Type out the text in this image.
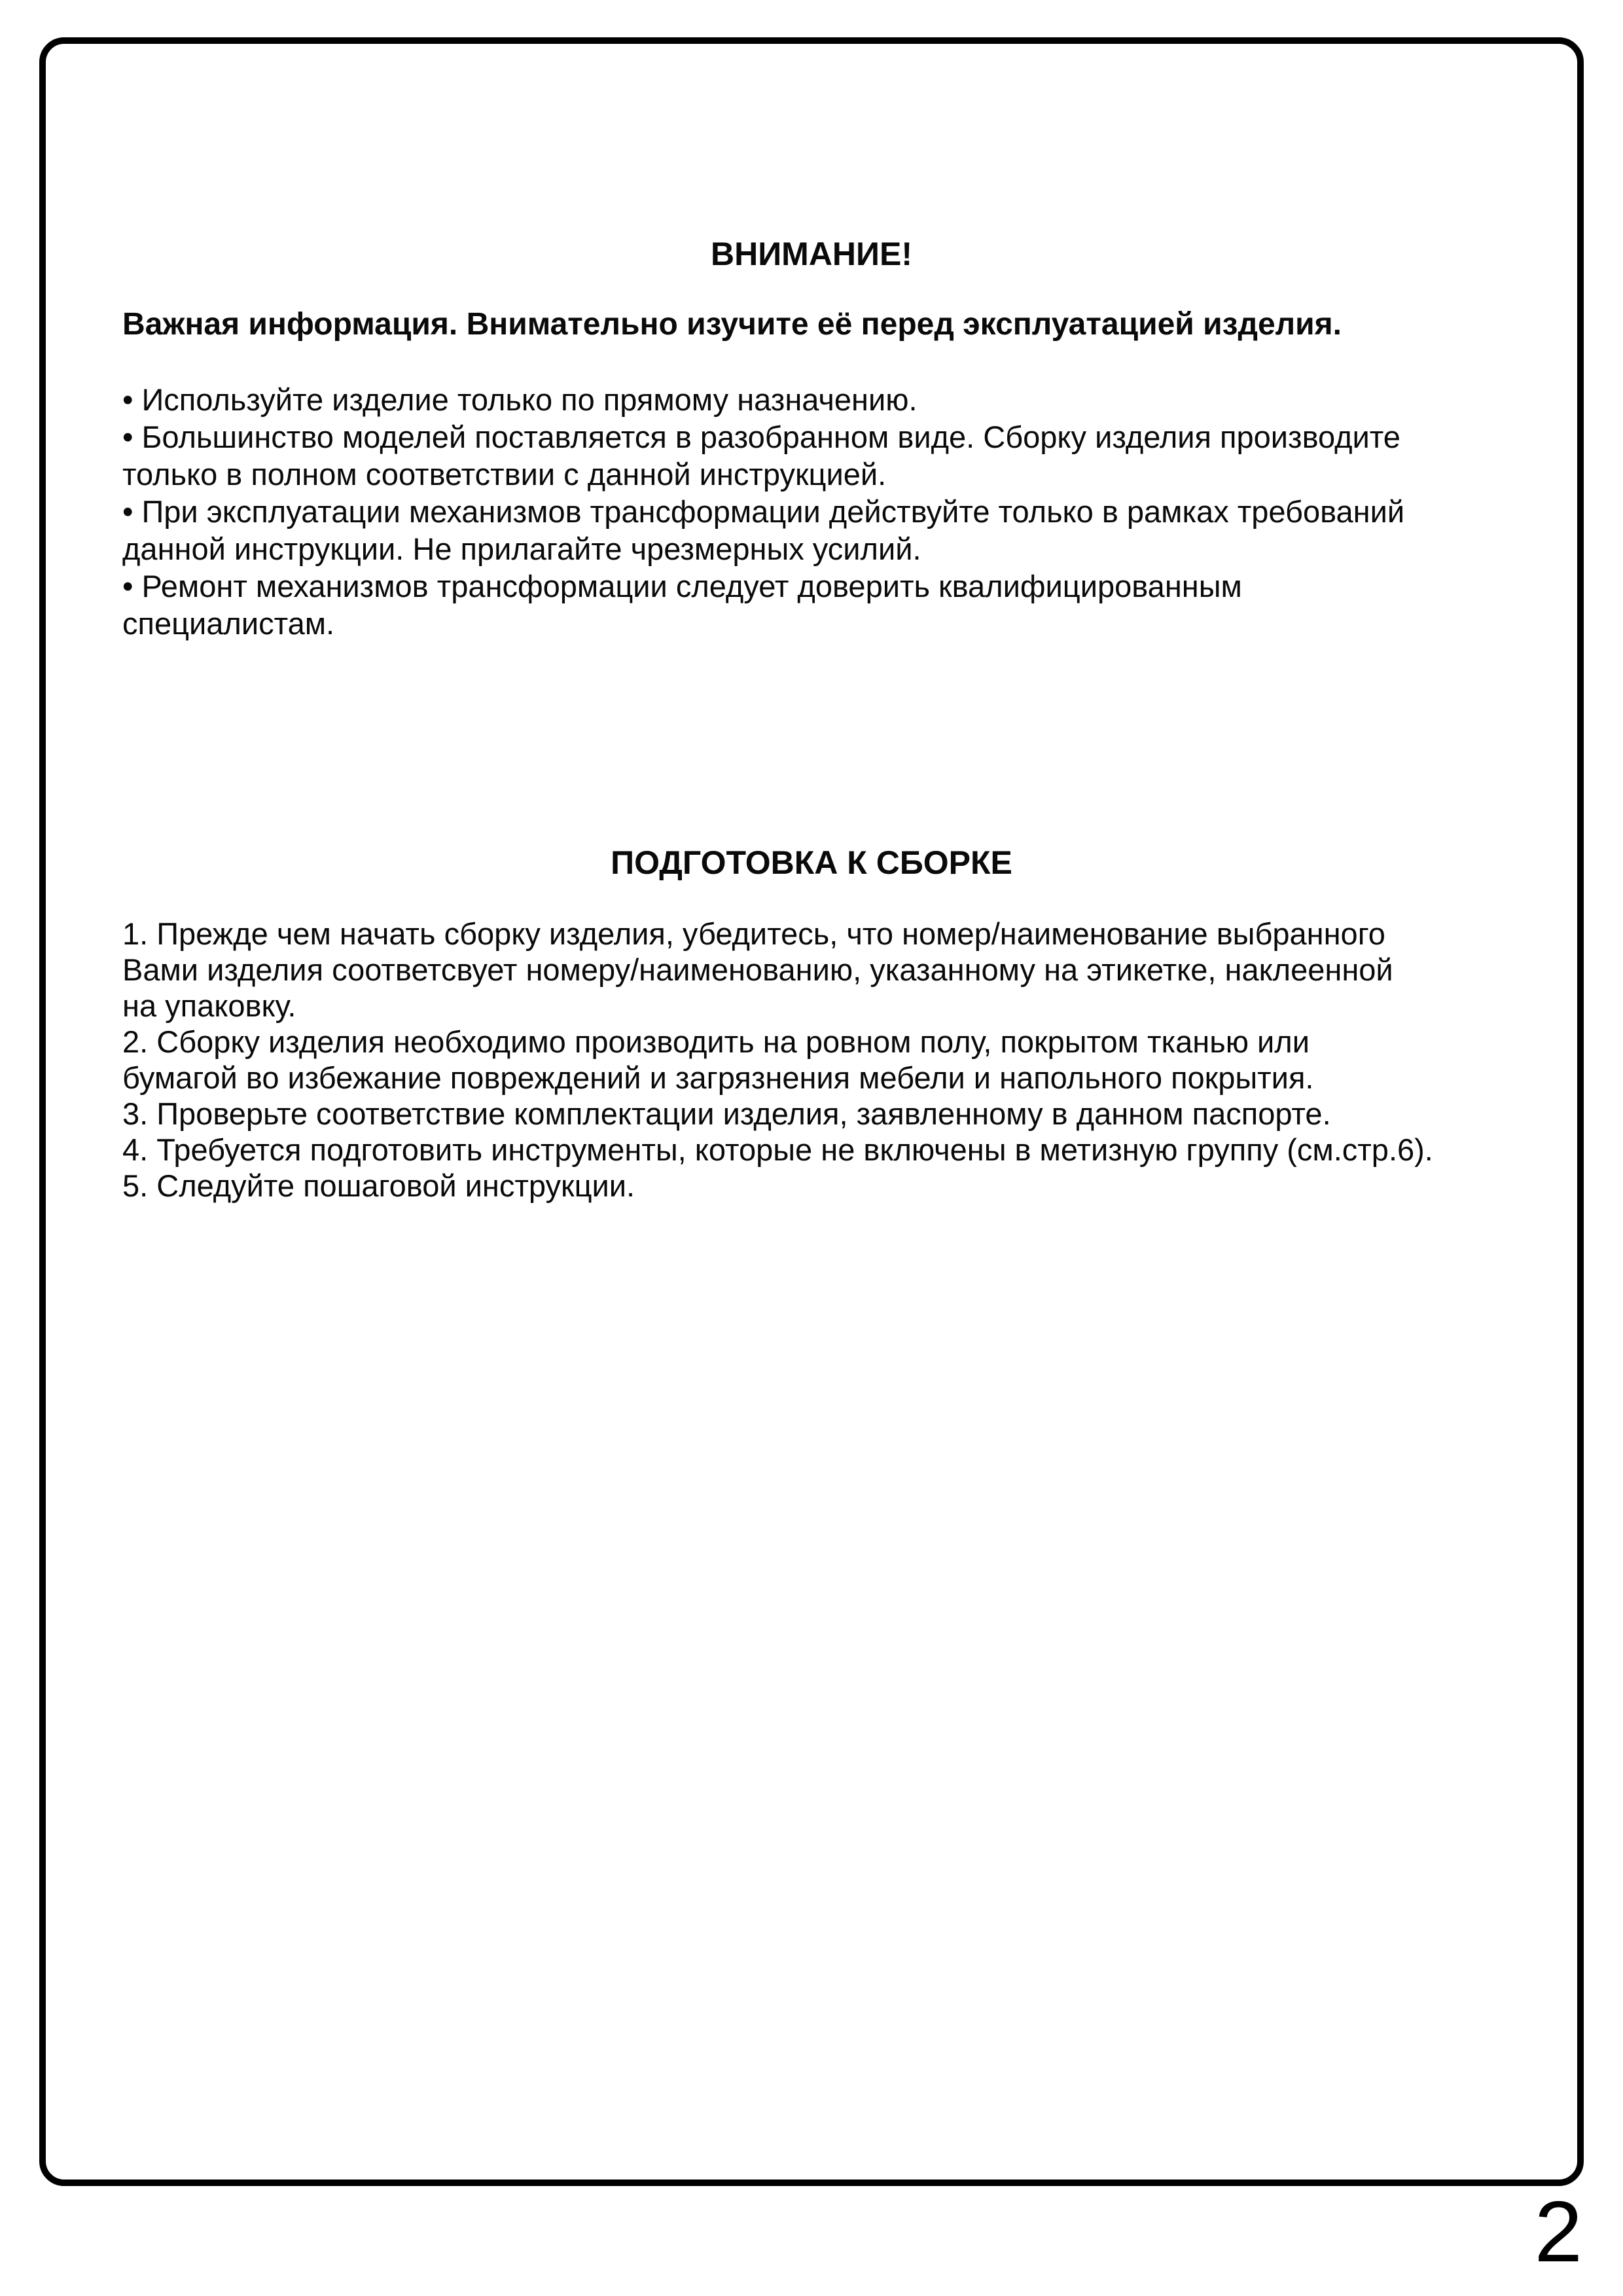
ВНИМАНИЕ!
Важная информация. Внимательно изучите её перед эксплуатацией изделия.
• Используйте изделие только по прямому назначению.
• Большинство моделей поставляется в разобранном виде. Сборку изделия производите
только в полном соответствии с данной инструкцией.
• При эксплуатации механизмов трансформации действуйте только в рамках требований
данной инструкции. Не прилагайте чрезмерных усилий.
• Ремонт механизмов трансформации следует доверить квалифицированным
специалистам.
ПОДГОТОВКА К СБОРКЕ
1. Прежде чем начать сборку изделия, убедитесь, что номер/наименование выбранного
Вами изделия соответсвует номеру/наименованию, указанному на этикетке, наклеенной
на упаковку.
2. Сборку изделия необходимо производить на ровном полу, покрытом тканью или
бумагой во избежание повреждений и загрязнения мебели и напольного покрытия.
3. Проверьте соответствие комплектации изделия, заявленному в данном паспорте.
4. Требуется подготовить инструменты, которые не включены в метизную группу (см.стр.6).
5. Следуйте пошаговой инструкции.
2
